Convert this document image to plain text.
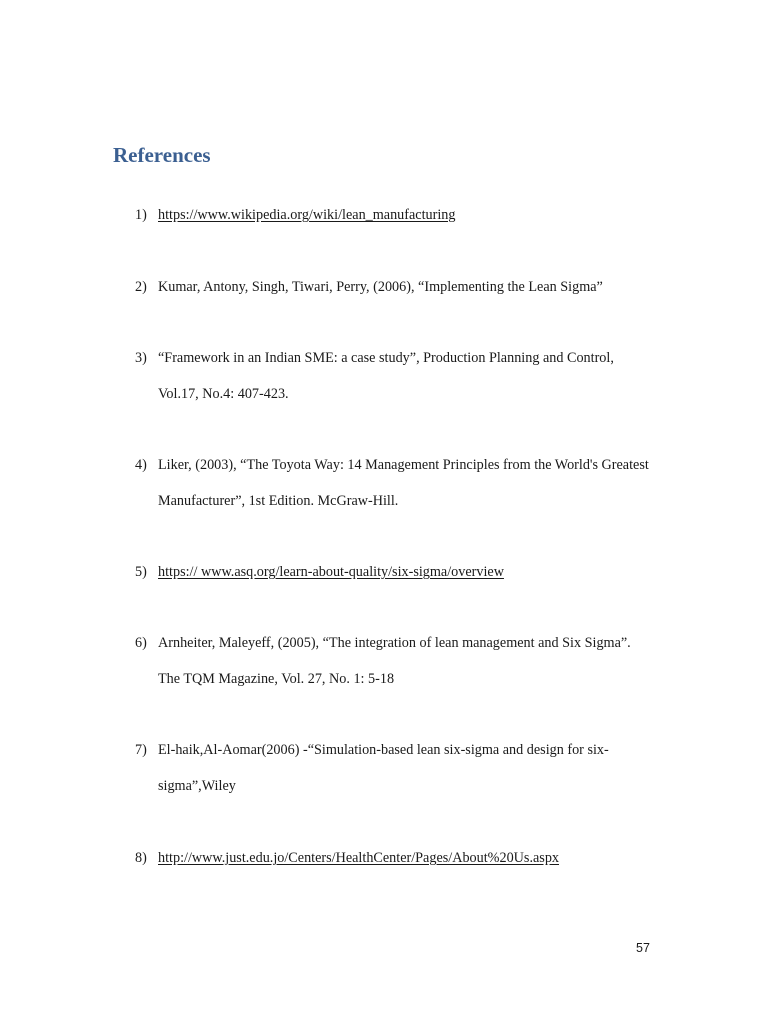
References
1) https://www.wikipedia.org/wiki/lean_manufacturing
2) Kumar, Antony, Singh, Tiwari, Perry, (2006), “Implementing the Lean Sigma”
3) “Framework in an Indian SME: a case study”, Production Planning and Control, Vol.17, No.4: 407-423.
4) Liker, (2003), “The Toyota Way: 14 Management Principles from the World's Greatest Manufacturer”, 1st Edition. McGraw-Hill.
5) https:// www.asq.org/learn-about-quality/six-sigma/overview
6) Arnheiter, Maleyeff, (2005), “The integration of lean management and Six Sigma”. The TQM Magazine, Vol. 27, No. 1: 5-18
7) El-haik,Al-Aomar(2006) -“Simulation-based lean six-sigma and design for six-sigma”,Wiley
8) http://www.just.edu.jo/Centers/HealthCenter/Pages/About%20Us.aspx
57
